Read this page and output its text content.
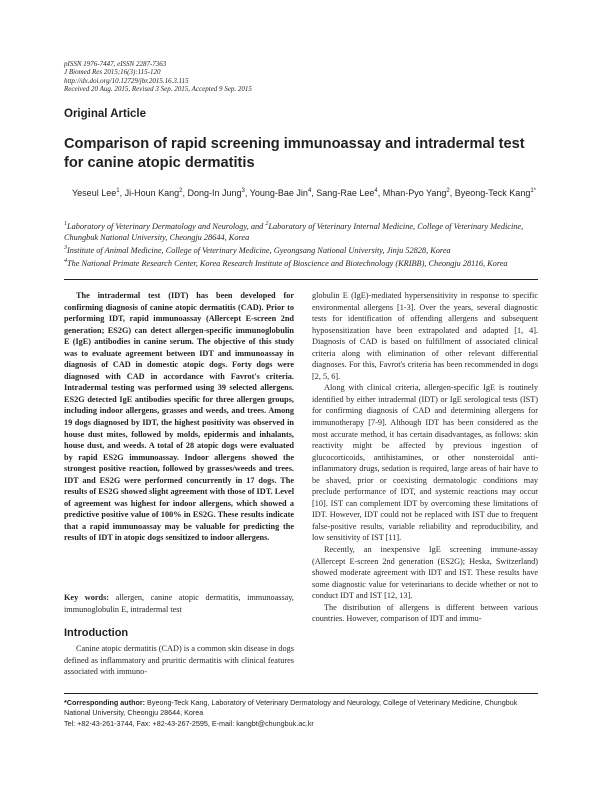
pISSN 1976-7447, eISSN 2287-7363
J Biomed Res 2015;16(3):115-120
http://dx.doi.org/10.12729/jbr.2015.16.3.115
Received 20 Aug. 2015, Revised 3 Sep. 2015, Accepted 9 Sep. 2015
Original Article
Comparison of rapid screening immunoassay and intradermal test for canine atopic dermatitis
Yeseul Lee$^1$, Ji-Houn Kang$^2$, Dong-In Jung$^3$, Young-Bae Jin$^4$, Sang-Rae Lee$^4$, Mhan-Pyo Yang$^2$, Byeong-Teck Kang$^{1*}$

$^1$Laboratory of Veterinary Dermatology and Neurology, and $^2$Laboratory of Veterinary Internal Medicine, College of Veterinary Medicine, Chungbuk National University, Cheongju 28644, Korea

$^3$Institute of Animal Medicine, College of Veterinary Medicine, Gyeongsang National University, Jinju 52828, Korea

$^4$The National Primate Research Center, Korea Research Institute of Bioscience and Biotechnology (KRIBB), Cheongju 28116, Korea

The intradermal test (IDT) has been developed for confirming diagnosis of canine atopic dermatitis (CAD). Prior to performing IDT, rapid immunoassay (Allercept E-screen 2nd generation; ES2G) can detect allergen-specific immunoglobulin E (IgE) antibodies in canine serum. The objective of this study was to evaluate agreement between IDT and immunoassay in diagnosis of CAD in domestic atopic dogs. Forty dogs were diagnosed with CAD in accordance with Favrot's criteria. Intradermal testing was performed using 39 selected allergens. ES2G detected IgE antibodies specific for three allergen groups, including indoor allergens, grasses and weeds, and trees. Among 19 dogs diagnosed by IDT, the highest positivity was observed in house dust mites, followed by molds, epidermis and inhalants, house dust, and weeds. A total of 28 atopic dogs were evaluated by rapid ES2G immunoassay. Indoor allergens showed the strongest positive reaction, followed by grasses/weeds and trees. IDT and ES2G were performed concurrently in 17 dogs. The results of ES2G showed slight agreement with those of IDT. Level of agreement was highest for indoor allergens, which showed a predictive positive value of 100% in ES2G. These results indicate that a rapid immunoassay may be valuable for predicting the results of IDT in atopic dogs sensitized to indoor allergens.

Key words: allergen, canine atopic dermatitis, immunoassay, immunoglobulin E, intradermal test
Introduction

Canine atopic dermatitis (CAD) is a common skin disease in dogs defined as inflammatory and pruritic dermatitis with clinical features associated with immuno-

globulin E (IgE)-mediated hypersensitivity in response to specific environmental allergens [1-3]. Over the years, several diagnostic tests for identification of offending allergens and subsequent hyposensitization have been extrapolated and adapted [1, 4]. Diagnosis of CAD is based on fulfillment of associated clinical criteria along with elimination of other relevant differential diagnoses. For this, Favrot's criteria has been recommended in dogs [2, 5, 6].

Along with clinical criteria, allergen-specific IgE is routinely identified by either intradermal (IDT) or IgE serological tests (IST) for confirming diagnosis of CAD and determining allergens for immunotherapy [7-9]. Although IDT has been considered as the most accurate method, it has certain disadvantages, as follows: skin reactivity might be affected by previous ingestion of glucocorticoids, antihistamines, or other nonsteroidal anti-inflammatory drugs, sedation is required, large areas of hair have to be shaved, prior or coexisting dermatologic conditions may preclude performance of IDT, and systemic reactions may occur [10]. IST can complement IDT by overcoming these limitations of IDT. However, IDT could not be replaced with IST due to frequent false-positive results, variable reliability and reproducibility, and low sensitivity of IST [11].

Recently, an inexpensive IgE screening immune-assay (Allercept E-screen 2nd generation (ES2G); Heska, Switzerland) showed moderate agreement with IDT and IST. These results have some diagnostic value for veterinarians to decide whether or not to conduct IDT and IST [12, 13].

The distribution of allergens is different between various countries. However, comparison of IDT and immu-

*Corresponding author: Byeong-Teck Kang, Laboratory of Veterinary Dermatology and Neurology, College of Veterinary Medicine, Chungbuk National University, Cheongju 28644, Korea
Tel: +82-43-261-3744, Fax: +82-43-267-2595, E-mail: kangbt@chungbuk.ac.kr
